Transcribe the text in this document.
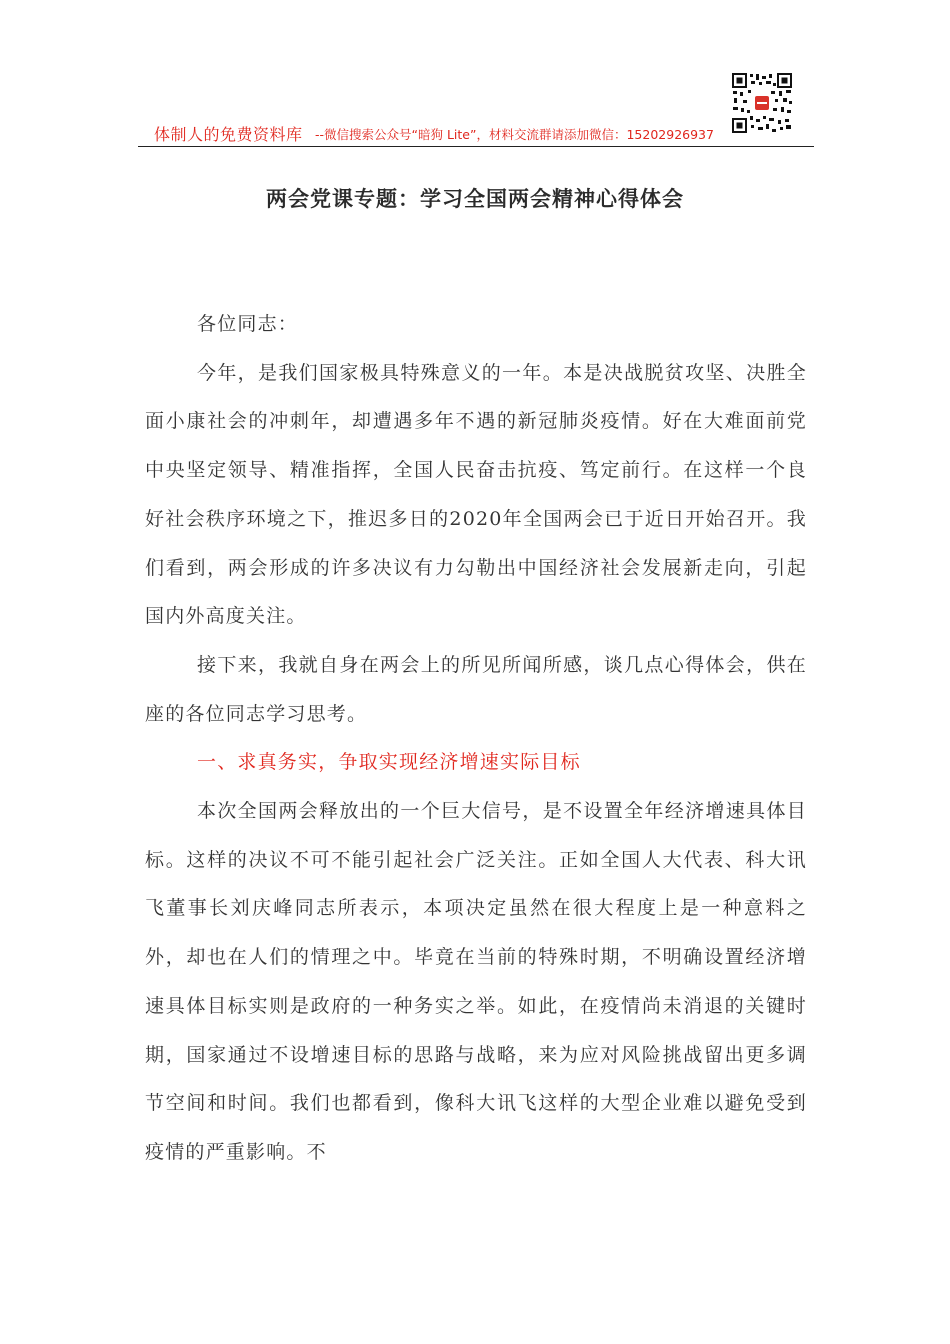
体制人的免费资料库 --微信搜索公众号“暗狗 Lite”，材料交流群请添加微信：15202926937
两会党课专题：学习全国两会精神心得体会

各位同志：

今年，是我们国家极具特殊意义的一年。本是决战脱贫攻坚、决胜全面小康社会的冲刺年，却遭遇多年不遇的新冠肺炎疫情。好在大难面前党中央坚定领导、精准指挥，全国人民奋击抗疫、笃定前行。在这样一个良好社会秩序环境之下，推迟多日的2020年全国两会已于近日开始召开。我们看到，两会形成的许多决议有力勾勒出中国经济社会发展新走向，引起国内外高度关注。

接下来，我就自身在两会上的所见所闻所感，谈几点心得体会，供在座的各位同志学习思考。

一、求真务实，争取实现经济增速实际目标

本次全国两会释放出的一个巨大信号，是不设置全年经济增速具体目标。这样的决议不可不能引起社会广泛关注。正如全国人大代表、科大讯飞董事长刘庆峰同志所表示，本项决定虽然在很大程度上是一种意料之外，却也在人们的情理之中。毕竟在当前的特殊时期，不明确设置经济增速具体目标实则是政府的一种务实之举。如此，在疫情尚未消退的关键时期，国家通过不设增速目标的思路与战略，来为应对风险挑战留出更多调节空间和时间。我们也都看到，像科大讯飞这样的大型企业难以避免受到疫情的严重影响。不
